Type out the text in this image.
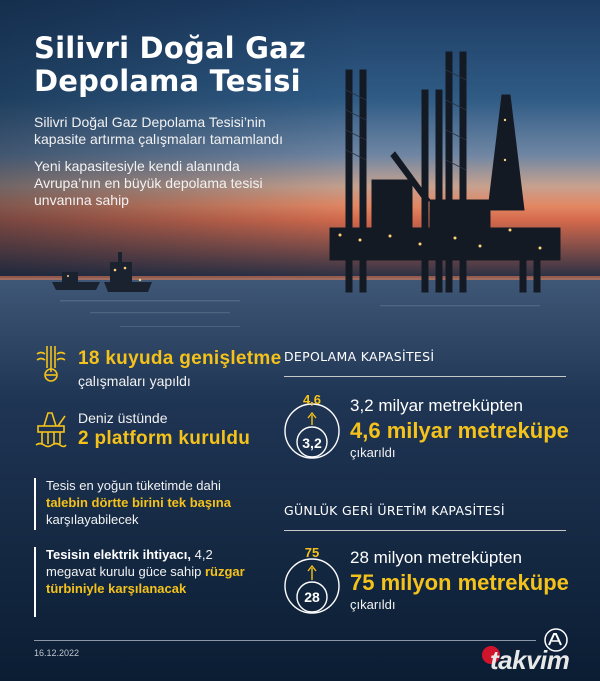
Silivri Doğal Gaz
Depolama Tesisi

Silivri Doğal Gaz Depolama Tesisi’nin kapasite artırma çalışmaları tamamlandı

Yeni kapasitesiyle kendi alanında Avrupa’nın en büyük depolama tesisi unvanına sahip

18 kuyuda genişletme
çalışmaları yapıldı
Deniz üstünde
2 platform kuruldu

Tesis en yoğun tüketimde dahi talebin dörtte birini tek başına karşılayabilecek

Tesisin elektrik ihtiyacı, 4,2 megavat kurulu güce sahip rüzgar türbiniyle karşılanacak

DEPOLAMA KAPASİTESİ
4,6
3,2
3,2 milyar metreküpten
4,6 milyar metreküpe
çıkarıldı
GÜNLÜK GERİ ÜRETİM KAPASİTESİ
75
28
28 milyon metreküpten
75 milyon metreküpe
çıkarıldı
16.12.2022	takvim
